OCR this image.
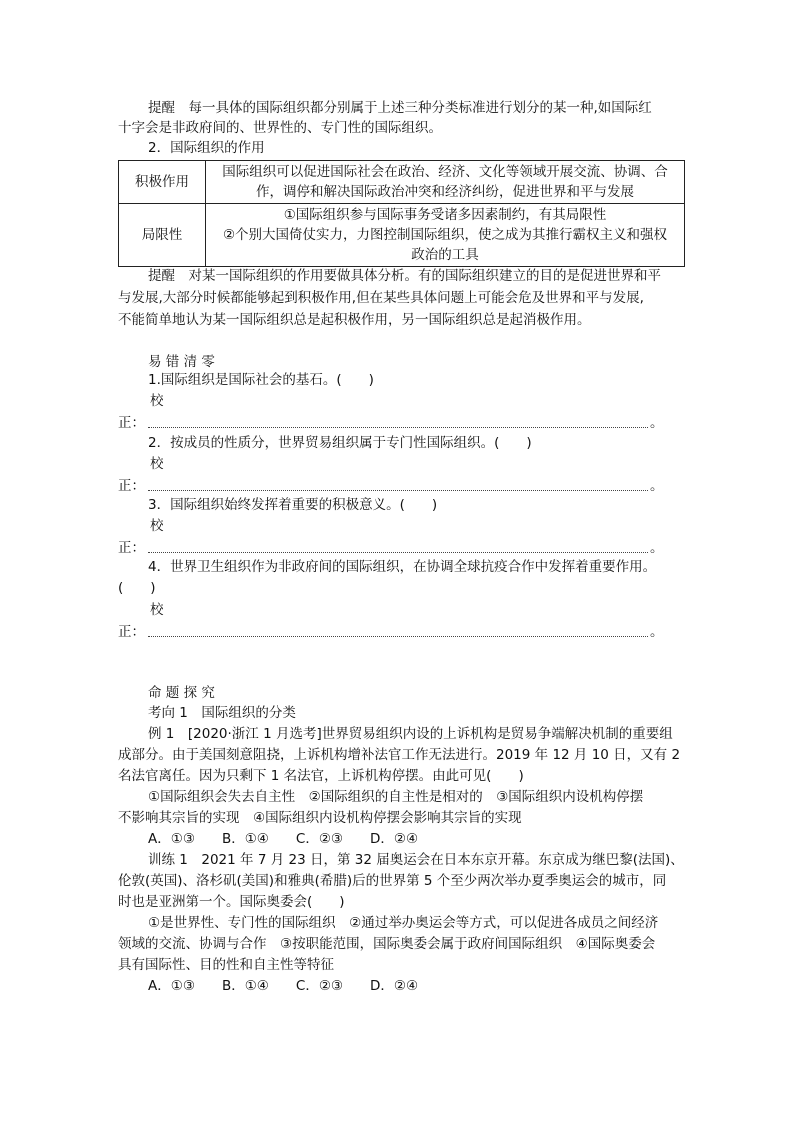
提醒　 每一具体的国际组织都分别属于上述三种分类标准进行划分的某一种,如国际红
十字会是非政府间的、世界性的、专门性的国际组织。
2．国际组织的作用
积极作用	国际组织可以促进国际社会在政治、经济、文化等领域开展交流、协调、合
作，调停和解决国际政治冲突和经济纠纷，促进世界和平与发展

局限性	①国际组织参与国际事务受诸多因素制约，有其局限性
②个别大国倚仗实力，力图控制国际组织，使之成为其推行霸权主义和强权
政治的工具
提醒　 对某一国际组织的作用要做具体分析。有的国际组织建立的目的是促进世界和平
与发展,大部分时候都能够起到积极作用,但在某些具体问题上可能会危及世界和平与发展,
不能简单地认为某一国际组织总是起积极作用，另一国际组织总是起消极作用。
易 错 清 零
1.国际组织是国际社会的基石。(　　)
校
正：	。
2．按成员的性质分，世界贸易组织属于专门性国际组织。(　　)
校
正：	。
3．国际组织始终发挥着重要的积极意义。(　　)
校
正：	。
4．世界卫生组织作为非政府间的国际组织，在协调全球抗疫合作中发挥着重要作用。
(　　)
校
正：	。
命 题 探 究
考向 1　国际组织的分类
例 1　[2020·浙江 1 月选考]世界贸易组织内设的上诉机构是贸易争端解决机制的重要组
成部分。由于美国刻意阻挠，上诉机构增补法官工作无法进行。2019 年 12 月 10 日，又有 2
名法官离任。因为只剩下 1 名法官，上诉机构停摆。由此可见(　　)
①国际组织会失去自主性　②国际组织的自主性是相对的　③国际组织内设机构停摆
不影响其宗旨的实现　④国际组织内设机构停摆会影响其宗旨的实现
A．①③　　B．①④　　C．②③　　D．②④
训练 1　2021 年 7 月 23 日，第 32 届奥运会在日本东京开幕。东京成为继巴黎(法国)、
伦敦(英国)、洛杉矶(美国)和雅典(希腊)后的世界第 5 个至少两次举办夏季奥运会的城市，同
时也是亚洲第一个。国际奥委会(　　)
①是世界性、专门性的国际组织　②通过举办奥运会等方式，可以促进各成员之间经济
领域的交流、协调与合作　③按职能范围，国际奥委会属于政府间国际组织　④国际奥委会
具有国际性、目的性和自主性等特征
A．①③　　B．①④　　C．②③　　D．②④
